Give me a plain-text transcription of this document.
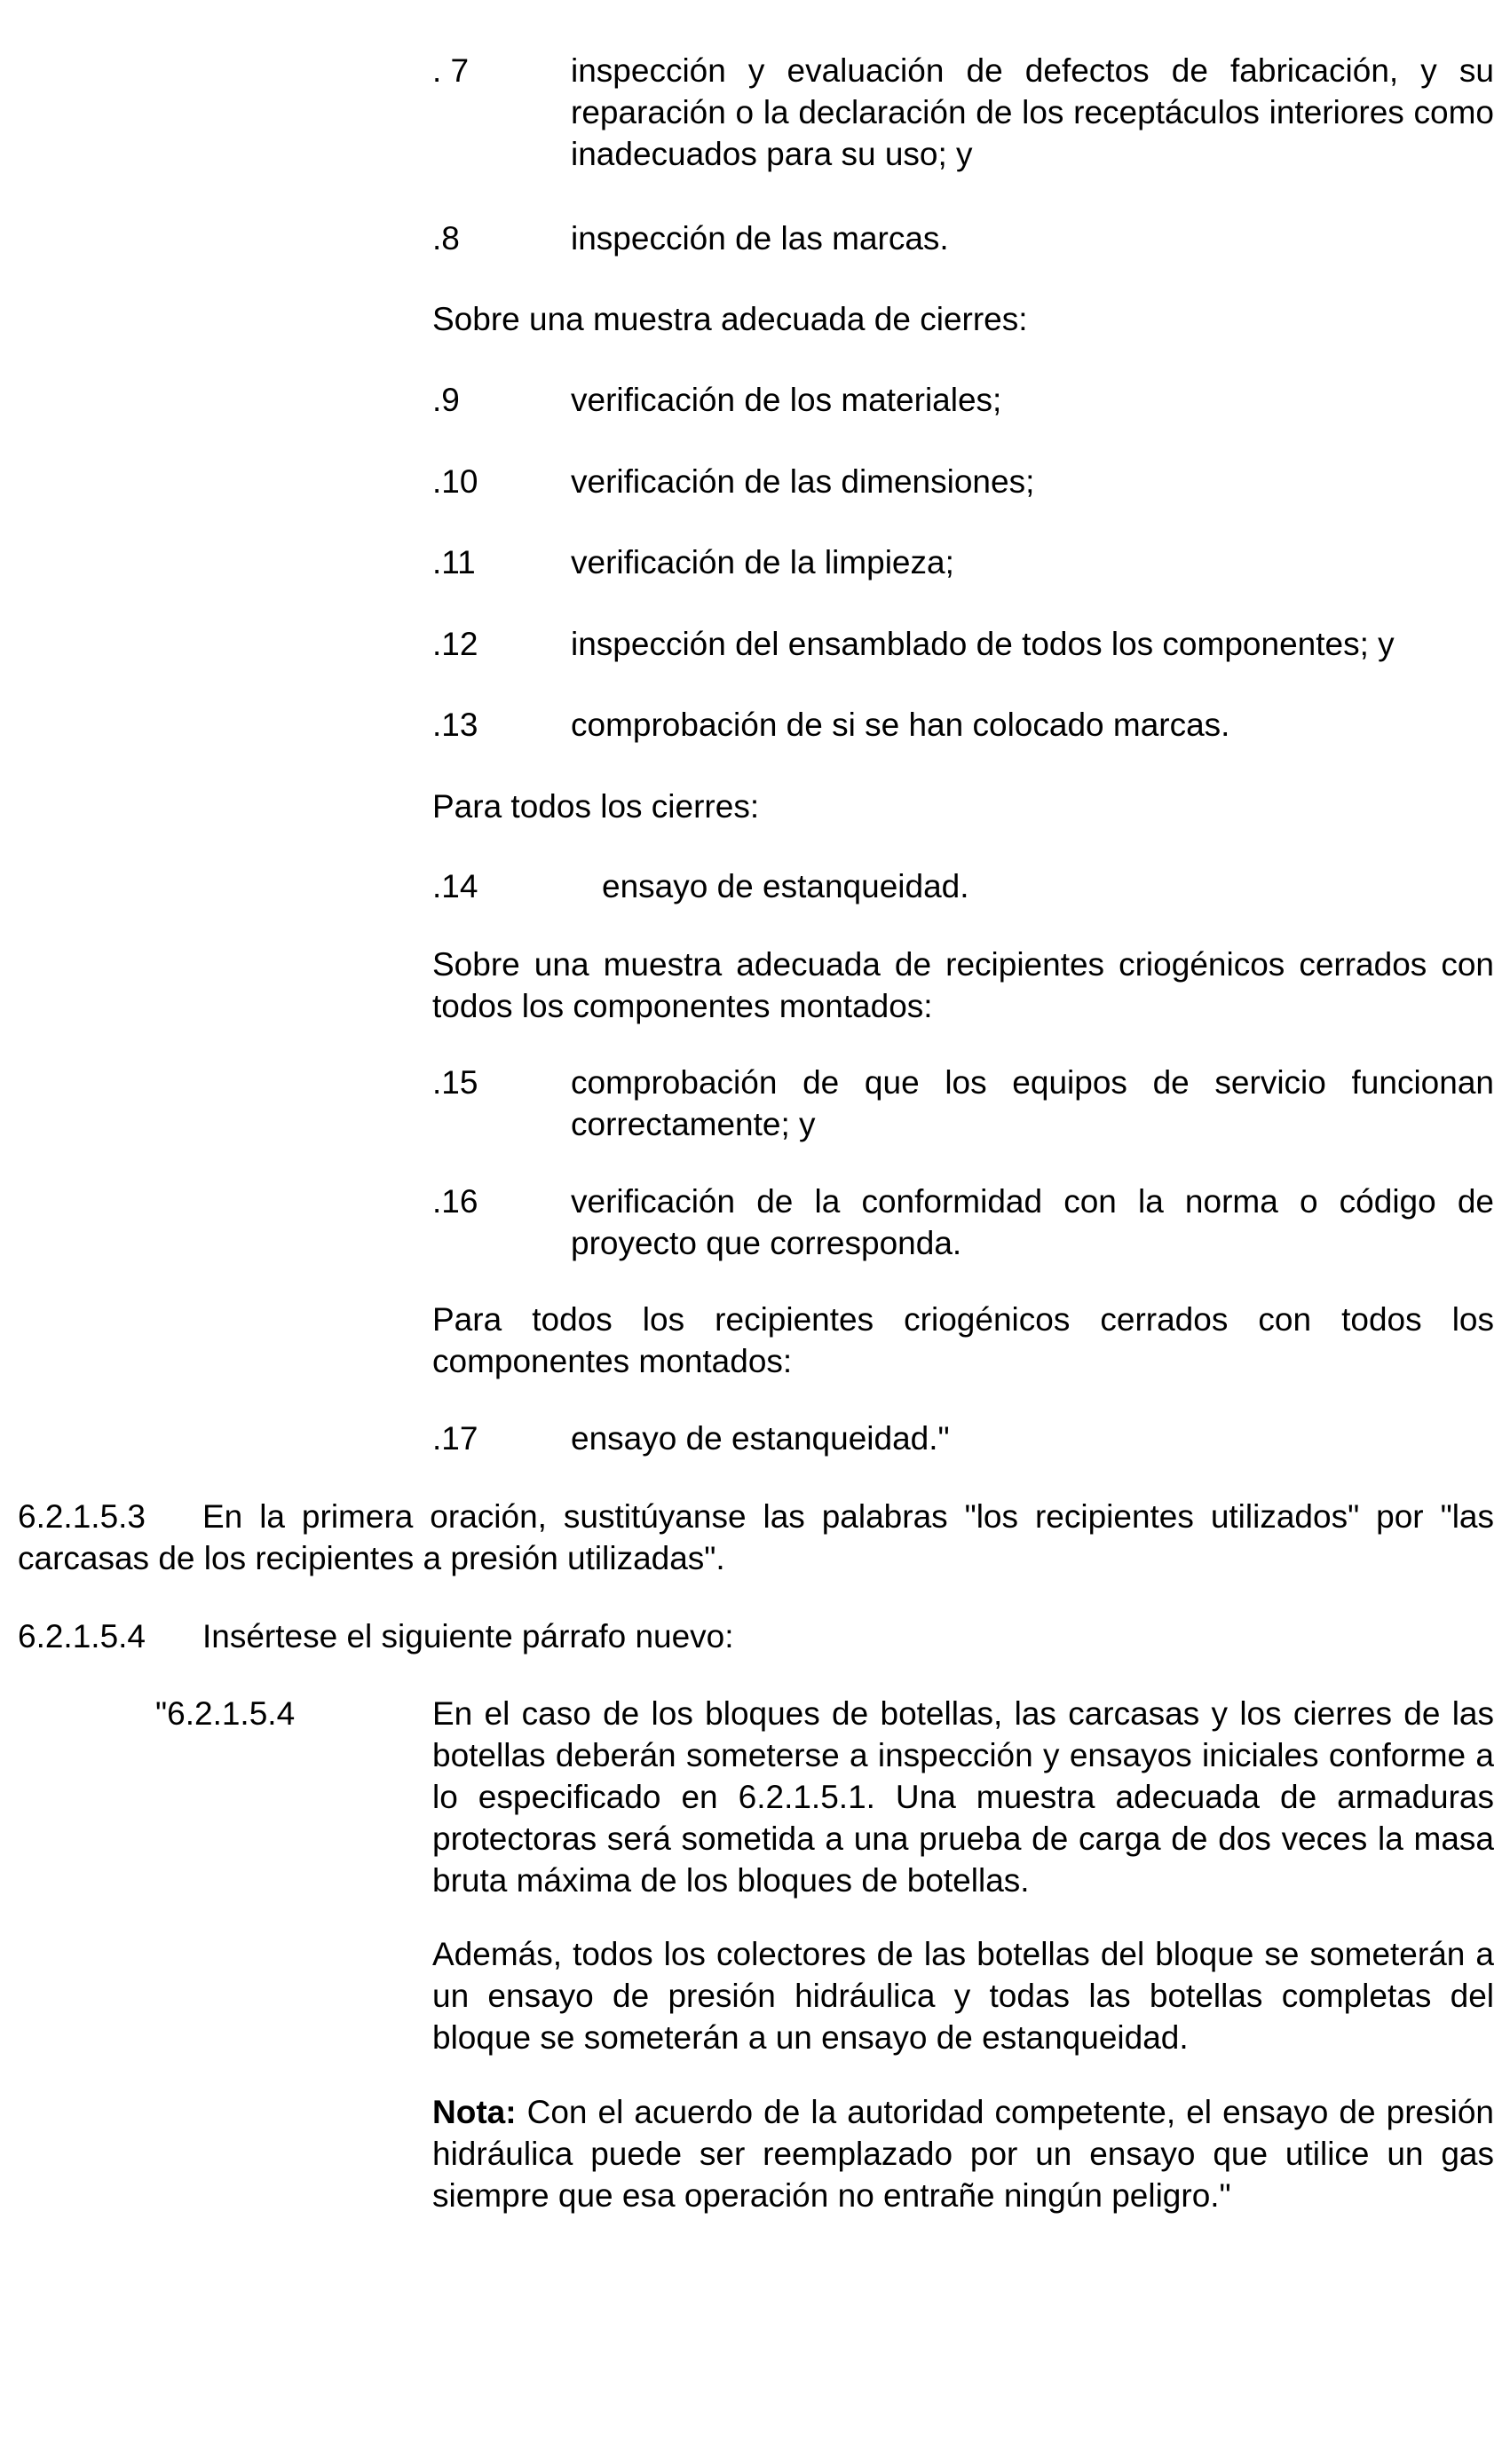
. 7	inspección y evaluación de defectos de fabricación, y su reparación o la declaración de los receptáculos interiores como inadecuados para su uso; y
.8	inspección de las marcas.
Sobre una muestra adecuada de cierres:
.9	verificación de los materiales;
.10	verificación de las dimensiones;
.11	verificación de la limpieza;
.12	inspección del ensamblado de todos los componentes; y
.13	comprobación de si se han colocado marcas.
Para todos los cierres:
.14	ensayo de estanqueidad.
Sobre una muestra adecuada de recipientes criogénicos cerrados con todos los componentes montados:
.15	comprobación de que los equipos de servicio funcionan correctamente; y
.16	verificación de la conformidad con la norma o código de proyecto que corresponda.
Para todos los recipientes criogénicos cerrados con todos los componentes montados:
.17	ensayo de estanqueidad."
6.2.1.5.3 En la primera oración, sustitúyanse las palabras "los recipientes utilizados" por "las
carcasas de los recipientes a presión utilizadas".
6.2.1.5.4 Insértese el siguiente párrafo nuevo:
"6.2.1.5.4	En el caso de los bloques de botellas, las carcasas y los cierres de las botellas deberán someterse a inspección y ensayos iniciales conforme a lo especificado en 6.2.1.5.1. Una muestra adecuada de armaduras protectoras será sometida a una prueba de carga de dos veces la masa bruta máxima de los bloques de botellas.
Además, todos los colectores de las botellas del bloque se someterán a un ensayo de presión hidráulica y todas las botellas completas del bloque se someterán a un ensayo de estanqueidad.
Nota: Con el acuerdo de la autoridad competente, el ensayo de presión hidráulica puede ser reemplazado por un ensayo que utilice un gas siempre que esa operación no entrañe ningún peligro."
